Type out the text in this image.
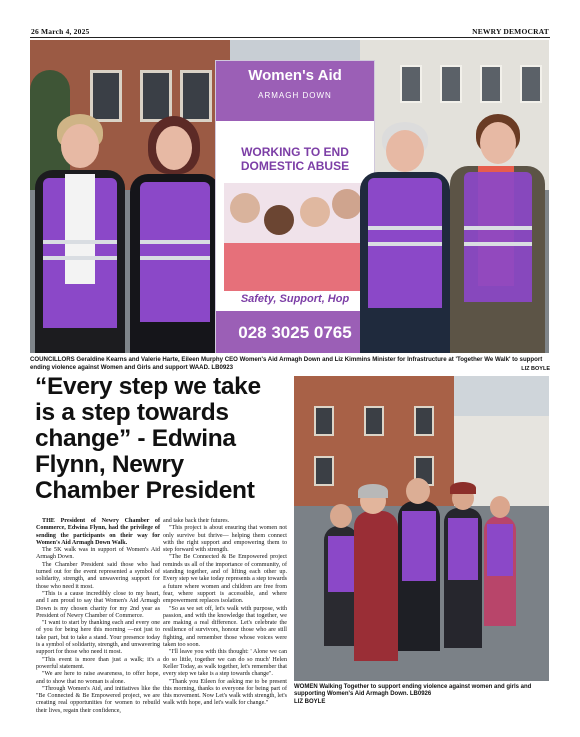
26 March 4, 2025	NEWRY DEMOCRAT
Women's Aid
ARMAGH DOWN
WORKING TO END DOMESTIC ABUSE
Safety, Support, Hop
028 3025 0765
COUNCILLORS Geraldine Kearns and Valerie Harte, Eileen Murphy CEO Women's Aid Armagh Down and Liz Kimmins Minister for Infrastructure at 'Together We Walk' to support ending violence against Women and Girls and support WAAD. LB0923	LIZ BOYLE
“Every step we take is a step towards change” - Edwina Flynn, Newry Chamber President

THE President of Newry Chamber of Commerce, Edwina Flynn, had the privilege of sending the participants on their way for Women's Aid Armagh Down Walk.

The 5K walk was in support of Women's Aid Armagh Down.

The Chamber President said those who had turned out for the event represented a symbol of solidarity, strength, and unwavering support for those who need it most.

"This is a cause incredibly close to my heart, and I am proud to say that Women's Aid Armagh Down is my chosen charity for my 2nd year as President of Newry Chamber of Commerce.

"I want to start by thanking each and every one of you for being here this morning —not just to take part, but to take a stand. Your presence today is a symbol of solidarity, strength, and unwavering support for those who need it most.

"This event is more than just a walk; it's a powerful statement.

"We are here to raise awareness, to offer hope, and to show that no woman is alone.

"Through Women's Aid, and initiatives like the "Be Connected & Be Empowered project, we are creating real opportunities for women to rebuild their lives, regain their confidence,

and take back their futures.

"This project is about ensuring that women not only survive but thrive— helping them connect with the right support and empowering them to step forward with strength.

"The Be Connected & Be Empowered project reminds us all of the importance of community, of standing together, and of lifting each other up. Every step we take today represents a step towards a future where women and children are free from fear, where support is accessible, and where empowerment replaces isolation.

"So as we set off, let's walk with purpose, with passion, and with the knowledge that together, we are making a real difference. Let's celebrate the resilience of survivors, honour those who are still fighting, and remember those whose voices were taken too soon.

"I'll leave you with this thought: ' Alone we can do so little, together we can do so much' Helen Keller Today, as walk together, let's remember that every step we take is a step towards change".

"Thank you Eileen for asking me to be present this morning, thanks to everyone for being part of this movement. Now Let's walk with strength, let's walk with hope, and let's walk for change."

WOMEN Walking Together to support ending violence against women and girls and supporting Women's Aid Armagh Down. LB0926
LIZ BOYLE
